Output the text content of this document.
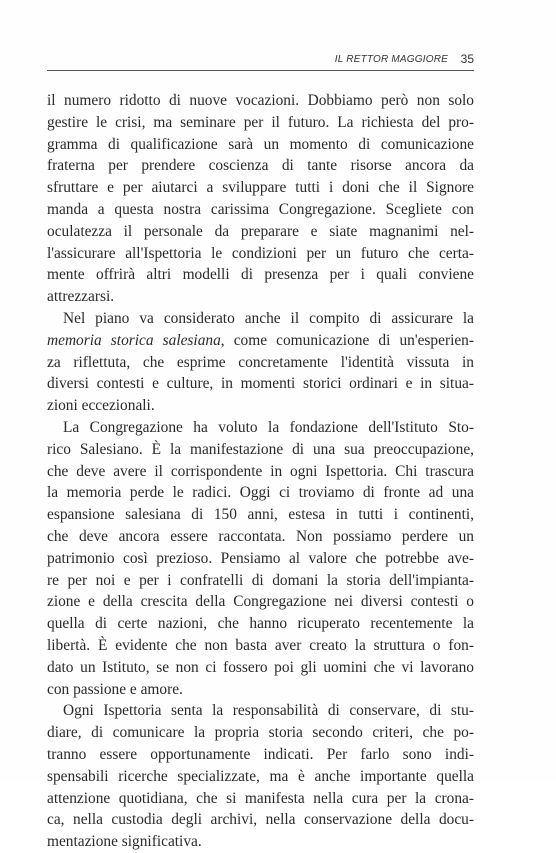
IL RETTOR MAGGIORE 35

il numero ridotto di nuove vocazioni. Dobbiamo però non solo
gestire le crisi, ma seminare per il futuro. La richiesta del pro-
gramma di qualificazione sarà un momento di comunicazione
fraterna per prendere coscienza di tante risorse ancora da
sfruttare e per aiutarci a sviluppare tutti i doni che il Signore
manda a questa nostra carissima Congregazione. Scegliete con
oculatezza il personale da preparare e siate magnanimi nel-
l'assicurare all'Ispettoria le condizioni per un futuro che certa-
mente offrirà altri modelli di presenza per i quali conviene
attrezzarsi.

Nel piano va considerato anche il compito di assicurare la
memoria storica salesiana, come comunicazione di un'esperien-
za riflettuta, che esprime concretamente l'identità vissuta in
diversi contesti e culture, in momenti storici ordinari e in situa-
zioni eccezionali.

La Congregazione ha voluto la fondazione dell'Istituto Sto-
rico Salesiano. È la manifestazione di una sua preoccupazione,
che deve avere il corrispondente in ogni Ispettoria. Chi trascura
la memoria perde le radici. Oggi ci troviamo di fronte ad una
espansione salesiana di 150 anni, estesa in tutti i continenti,
che deve ancora essere raccontata. Non possiamo perdere un
patrimonio così prezioso. Pensiamo al valore che potrebbe ave-
re per noi e per i confratelli di domani la storia dell'impianta-
zione e della crescita della Congregazione nei diversi contesti o
quella di certe nazioni, che hanno ricuperato recentemente la
libertà. È evidente che non basta aver creato la struttura o fon-
dato un Istituto, se non ci fossero poi gli uomini che vi lavorano
con passione e amore.

Ogni Ispettoria senta la responsabilità di conservare, di stu-
diare, di comunicare la propria storia secondo criteri, che po-
tranno essere opportunamente indicati. Per farlo sono indi-
spensabili ricerche specializzate, ma è anche importante quella
attenzione quotidiana, che si manifesta nella cura per la crona-
ca, nella custodia degli archivi, nella conservazione della docu-
mentazione significativa.
